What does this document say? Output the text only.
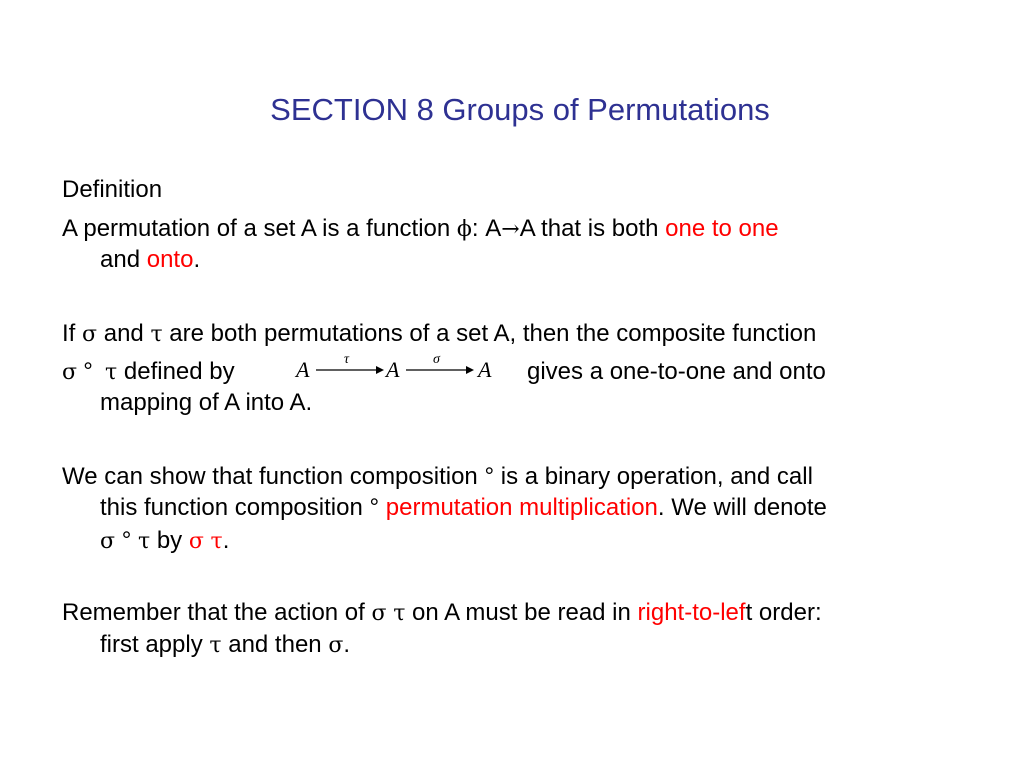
SECTION 8 Groups of Permutations
Definition
A permutation of a set A is a function ϕ: A→A that is both one to one
and onto.
If σ and τ are both permutations of a set A, then the composite function
σ ° τ defined by	A τ A σ A gives a one-to-one and onto
mapping of A into A.
We can show that function composition ° is a binary operation, and call
this function composition ° permutation multiplication. We will denote
σ ° τ by σ τ.
Remember that the action of σ τ on A must be read in right-to-left order:
first apply τ and then σ.
